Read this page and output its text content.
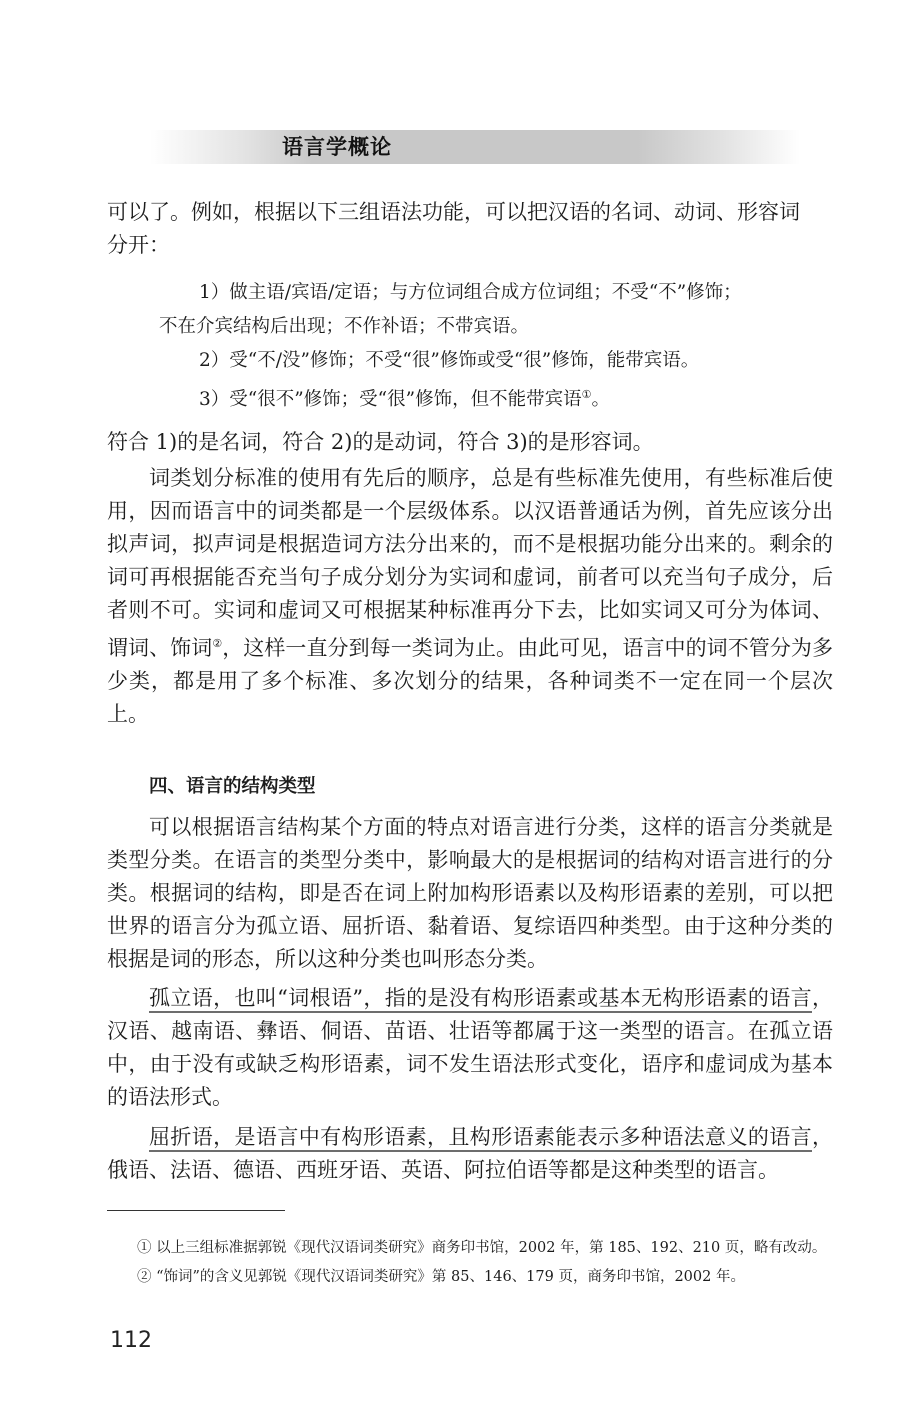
语言学概论

可以了。例如，根据以下三组语法功能，可以把汉语的名词、动词、形容词

分开：

1）做主语/宾语/定语；与方位词组合成方位词组；不受“不”修饰；

不在介宾结构后出现；不作补语；不带宾语。

2）受“不/没”修饰；不受“很”修饰或受“很”修饰，能带宾语。

3）受“很不”修饰；受“很”修饰，但不能带宾语①。

符合 1)的是名词，符合 2)的是动词，符合 3)的是形容词。

词类划分标准的使用有先后的顺序，总是有些标准先使用，有些标准后使用，因而语言中的词类都是一个层级体系。以汉语普通话为例，首先应该分出拟声词，拟声词是根据造词方法分出来的，而不是根据功能分出来的。剩余的词可再根据能否充当句子成分划分为实词和虚词，前者可以充当句子成分，后者则不可。实词和虚词又可根据某种标准再分下去，比如实词又可分为体词、谓词、饰词②，这样一直分到每一类词为止。由此可见，语言中的词不管分为多少类，都是用了多个标准、多次划分的结果，各种词类不一定在同一个层次上。

四、语言的结构类型

可以根据语言结构某个方面的特点对语言进行分类，这样的语言分类就是类型分类。在语言的类型分类中，影响最大的是根据词的结构对语言进行的分类。根据词的结构，即是否在词上附加构形语素以及构形语素的差别，可以把世界的语言分为孤立语、屈折语、黏着语、复综语四种类型。由于这种分类的根据是词的形态，所以这种分类也叫形态分类。

孤立语，也叫“词根语”，指的是没有构形语素或基本无构形语素的语言，汉语、越南语、彝语、侗语、苗语、壮语等都属于这一类型的语言。在孤立语中，由于没有或缺乏构形语素，词不发生语法形式变化，语序和虚词成为基本的语法形式。

屈折语，是语言中有构形语素，且构形语素能表示多种语法意义的语言，俄语、法语、德语、西班牙语、英语、阿拉伯语等都是这种类型的语言。

① 以上三组标准据郭锐《现代汉语词类研究》商务印书馆，2002 年，第 185、192、210 页，略有改动。

② “饰词”的含义见郭锐《现代汉语词类研究》第 85、146、179 页，商务印书馆，2002 年。

112
